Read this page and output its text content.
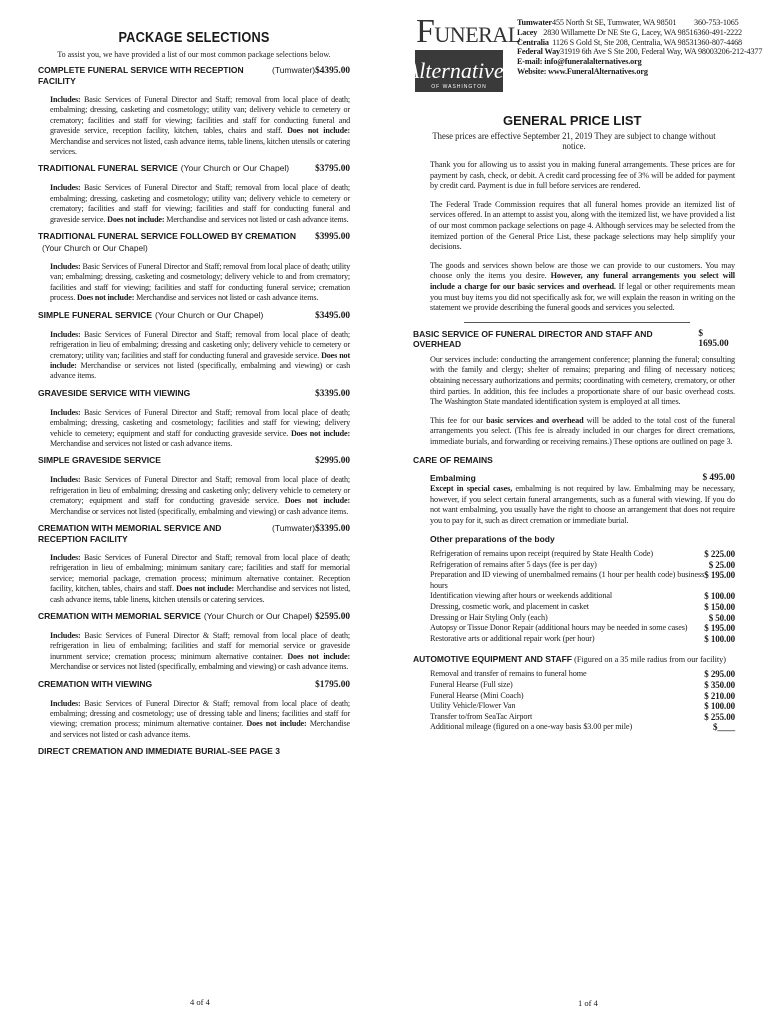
FUNERAL
Alternatives
OF WASHINGTON
Tumwater 455 North St SE, Tumwater, WA 98501	360-753-1065
Lacey 2830 Willamette Dr NE Ste G, Lacey, WA 98516 360-491-2222
Centralia 1126 S Gold St, Ste 208, Centralia, WA 98531 360-807-4468
Federal Way 31919 6th Ave S Ste 200, Federal Way, WA 98003 206-212-4377
E-mail: info@funeralalternatives.org
Website: www.FuneralAlternatives.org
PACKAGE SELECTIONS
To assist you, we have provided a list of our most common package selections below.
COMPLETE FUNERAL SERVICE WITH RECEPTION FACILITY
(Tumwater) $4395.00
Includes: Basic Services of Funeral Director and Staff; removal from local place of death; embalming; dressing, casketing and cosmetology; utility van; delivery vehicle to cemetery or crematory; facilities and staff for viewing; facilities and staff for conducting funeral and graveside service, reception facility, kitchen, tables, chairs and staff. Does not include: Merchandise and services not listed, cash advance items, table linens, kitchen utensils or catering services.
TRADITIONAL FUNERAL SERVICE (Your Church or Our Chapel)	$3795.00
Includes: Basic Services of Funeral Director and Staff; removal from local place of death; embalming; dressing, casketing and cosmetology; utility van; delivery vehicle to cemetery or crematory; facilities and staff for viewing; facilities and staff for conducting funeral and graveside service. Does not include: Merchandise and services not listed or cash advance items.
TRADITIONAL FUNERAL SERVICE FOLLOWED BY CREMATION $3995.00
(Your Church or Our Chapel)
Includes: Basic Services of Funeral Director and Staff; removal from local place of death; utility van; embalming; dressing, casketing and cosmetology; delivery vehicle to and from crematory; facilities and staff for viewing; facilities and staff for conducting funeral service; cremation process. Does not include: Merchandise and services not listed or cash advance items.
SIMPLE FUNERAL SERVICE (Your Church or Our Chapel)	$3495.00
Includes: Basic Services of Funeral Director and Staff; removal from local place of death; refrigeration in lieu of embalming; dressing and casketing only; delivery vehicle to cemetery or crematory; utility van; facilities and staff for conducting funeral and graveside service. Does not include: Merchandise or services not listed (specifically, embalming and viewing) or cash advance items.
GRAVESIDE SERVICE WITH VIEWING	$3395.00
Includes: Basic Services of Funeral Director and Staff; removal from local place of death; embalming; dressing, casketing and cosmetology; facilities and staff for viewing; delivery vehicle to cemetery; equipment and staff for conducting graveside service. Does not include: Merchandise and services not listed or cash advance items.
SIMPLE GRAVESIDE SERVICE	$2995.00
Includes: Basic Services of Funeral Director and Staff; removal from local place of death; refrigeration in lieu of embalming; dressing and casketing only; delivery vehicle to cemetery or crematory; equipment and staff for conducting graveside service. Does not include: Merchandise or services not listed (specifically, embalming and viewing) or cash advance items.
CREMATION WITH MEMORIAL SERVICE AND RECEPTION FACILITY
(Tumwater) $3395.00
Includes: Basic Services of Funeral Director and Staff; removal from local place of death; refrigeration in lieu of embalming; minimum sanitary care; facilities and staff for memorial service; memorial package, cremation process; minimum alternative container. Reception facility, kitchen, tables, chairs and staff. Does not include: Merchandise and services not listed, cash advance items, table linens, kitchen utensils or catering services.
CREMATION WITH MEMORIAL SERVICE (Your Church or Our Chapel) $2595.00
Includes: Basic Services of Funeral Director & Staff; removal from local place of death; refrigeration in lieu of embalming; facilities and staff for memorial service or graveside inurnment service; cremation process; minimum alternative container. Does not include: Merchandise or services not listed (specifically, embalming and viewing) or cash advance items.
CREMATION WITH VIEWING	$1795.00
Includes: Basic Services of Funeral Director & Staff; removal from local place of death; embalming; dressing and cosmetology; use of dressing table and linens; facilities and staff for viewing; cremation process; minimum alternative container. Does not include: Merchandise and services not listed or cash advance items.
DIRECT CREMATION AND IMMEDIATE BURIAL-SEE PAGE 3
4 of 4
GENERAL PRICE LIST
These prices are effective September 21, 2019 They are subject to change without notice.
Thank you for allowing us to assist you in making funeral arrangements. These prices are for payment by cash, check, or debit. A credit card processing fee of 3% will be added for payment by credit card. Payment is due in full before services are rendered.
The Federal Trade Commission requires that all funeral homes provide an itemized list of services offered. In an attempt to assist you, along with the itemized list, we have provided a list of our most common package selections on page 4. Although services may be selected from the itemized portion of the General Price List, these package selections may help simplify your decisions.
The goods and services shown below are those we can provide to our customers. You may choose only the items you desire. However, any funeral arrangements you select will include a charge for our basic services and overhead. If legal or other requirements mean you must buy items you did not specifically ask for, we will explain the reason in writing on the statement we provide describing the funeral goods and services you selected.
BASIC SERVICE OF FUNERAL DIRECTOR AND STAFF AND OVERHEAD
$ 1695.00
Our services include: conducting the arrangement conference; planning the funeral; consulting with the family and clergy; shelter of remains; preparing and filing of necessary notices; obtaining necessary authorizations and permits; coordinating with cemetery, crematory, or other third parties. In addition, this fee includes a proportionate share of our basic overhead costs. The Washington State mandated identification system is employed at all times.
This fee for our basic services and overhead will be added to the total cost of the funeral arrangements you select. (This fee is already included in our charges for direct cremations, immediate burials, and forwarding or receiving remains.) These options are outlined on page 3.
CARE OF REMAINS
Embalming	$ 495.00
Except in special cases, embalming is not required by law. Embalming may be necessary, however, if you select certain funeral arrangements, such as a funeral with viewing. If you do not want embalming, you usually have the right to choose an arrangement that does not require you to pay for it, such as direct cremation or immediate burial.
Other preparations of the body
Refrigeration of remains upon receipt (required by State Health Code)	$ 225.00
Refrigeration of remains after 5 days (fee is per day)	$ 25.00
Preparation and ID viewing of unembalmed remains (1 hour per health code) business hours
$ 195.00
Identification viewing after hours or weekends additional	$ 100.00
Dressing, cosmetic work, and placement in casket	$ 150.00
Dressing or Hair Styling Only (each)	$ 50.00
Autopsy or Tissue Donor Repair (additional hours may be needed in some cases) $ 195.00
Restorative arts or additional repair work (per hour)	$ 100.00
AUTOMOTIVE EQUIPMENT AND STAFF (Figured on a 35 mile radius from our facility)
Removal and transfer of remains to funeral home	$ 295.00
Funeral Hearse (Full size)	$ 350.00
Funeral Hearse (Mini Coach)	$ 210.00
Utility Vehicle/Flower Van	$ 100.00
Transfer to/from SeaTac Airport	$ 255.00
Additional mileage (figured on a one-way basis $3.00 per mile)	$____
1 of 4
